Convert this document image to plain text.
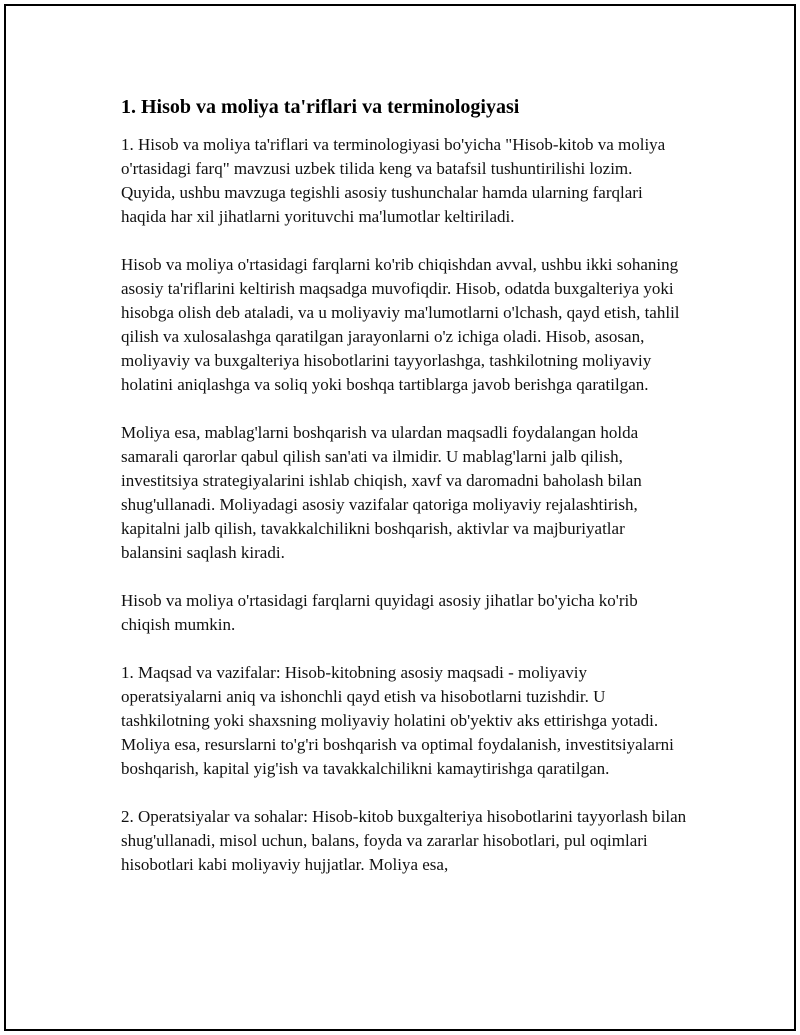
1. Hisob va moliya ta'riflari va terminologiyasi

1. Hisob va moliya ta'riflari va terminologiyasi bo'yicha "Hisob-kitob va moliya o'rtasidagi farq" mavzusi uzbek tilida keng va batafsil tushuntirilishi lozim. Quyida, ushbu mavzuga tegishli asosiy tushunchalar hamda ularning farqlari haqida har xil jihatlarni yorituvchi ma'lumotlar keltiriladi.

Hisob va moliya o'rtasidagi farqlarni ko'rib chiqishdan avval, ushbu ikki sohaning asosiy ta'riflarini keltirish maqsadga muvofiqdir. Hisob, odatda buxgalteriya yoki hisobga olish deb ataladi, va u moliyaviy ma'lumotlarni o'lchash, qayd etish, tahlil qilish va xulosalashga qaratilgan jarayonlarni o'z ichiga oladi. Hisob, asosan, moliyaviy va buxgalteriya hisobotlarini tayyorlashga, tashkilotning moliyaviy holatini aniqlashga va soliq yoki boshqa tartiblarga javob berishga qaratilgan.

Moliya esa, mablag'larni boshqarish va ulardan maqsadli foydalangan holda samarali qarorlar qabul qilish san'ati va ilmidir. U mablag'larni jalb qilish, investitsiya strategiyalarini ishlab chiqish, xavf va daromadni baholash bilan shug'ullanadi. Moliyadagi asosiy vazifalar qatoriga moliyaviy rejalashtirish, kapitalni jalb qilish, tavakkalchilikni boshqarish, aktivlar va majburiyatlar balansini saqlash kiradi.

Hisob va moliya o'rtasidagi farqlarni quyidagi asosiy jihatlar bo'yicha ko'rib chiqish mumkin.

1. Maqsad va vazifalar: Hisob-kitobning asosiy maqsadi - moliyaviy operatsiyalarni aniq va ishonchli qayd etish va hisobotlarni tuzishdir. U tashkilotning yoki shaxsning moliyaviy holatini ob'yektiv aks ettirishga yotadi. Moliya esa, resurslarni to'g'ri boshqarish va optimal foydalanish, investitsiyalarni boshqarish, kapital yig'ish va tavakkalchilikni kamaytirishga qaratilgan.

2. Operatsiyalar va sohalar: Hisob-kitob buxgalteriya hisobotlarini tayyorlash bilan shug'ullanadi, misol uchun, balans, foyda va zararlar hisobotlari, pul oqimlari hisobotlari kabi moliyaviy hujjatlar. Moliya esa,
